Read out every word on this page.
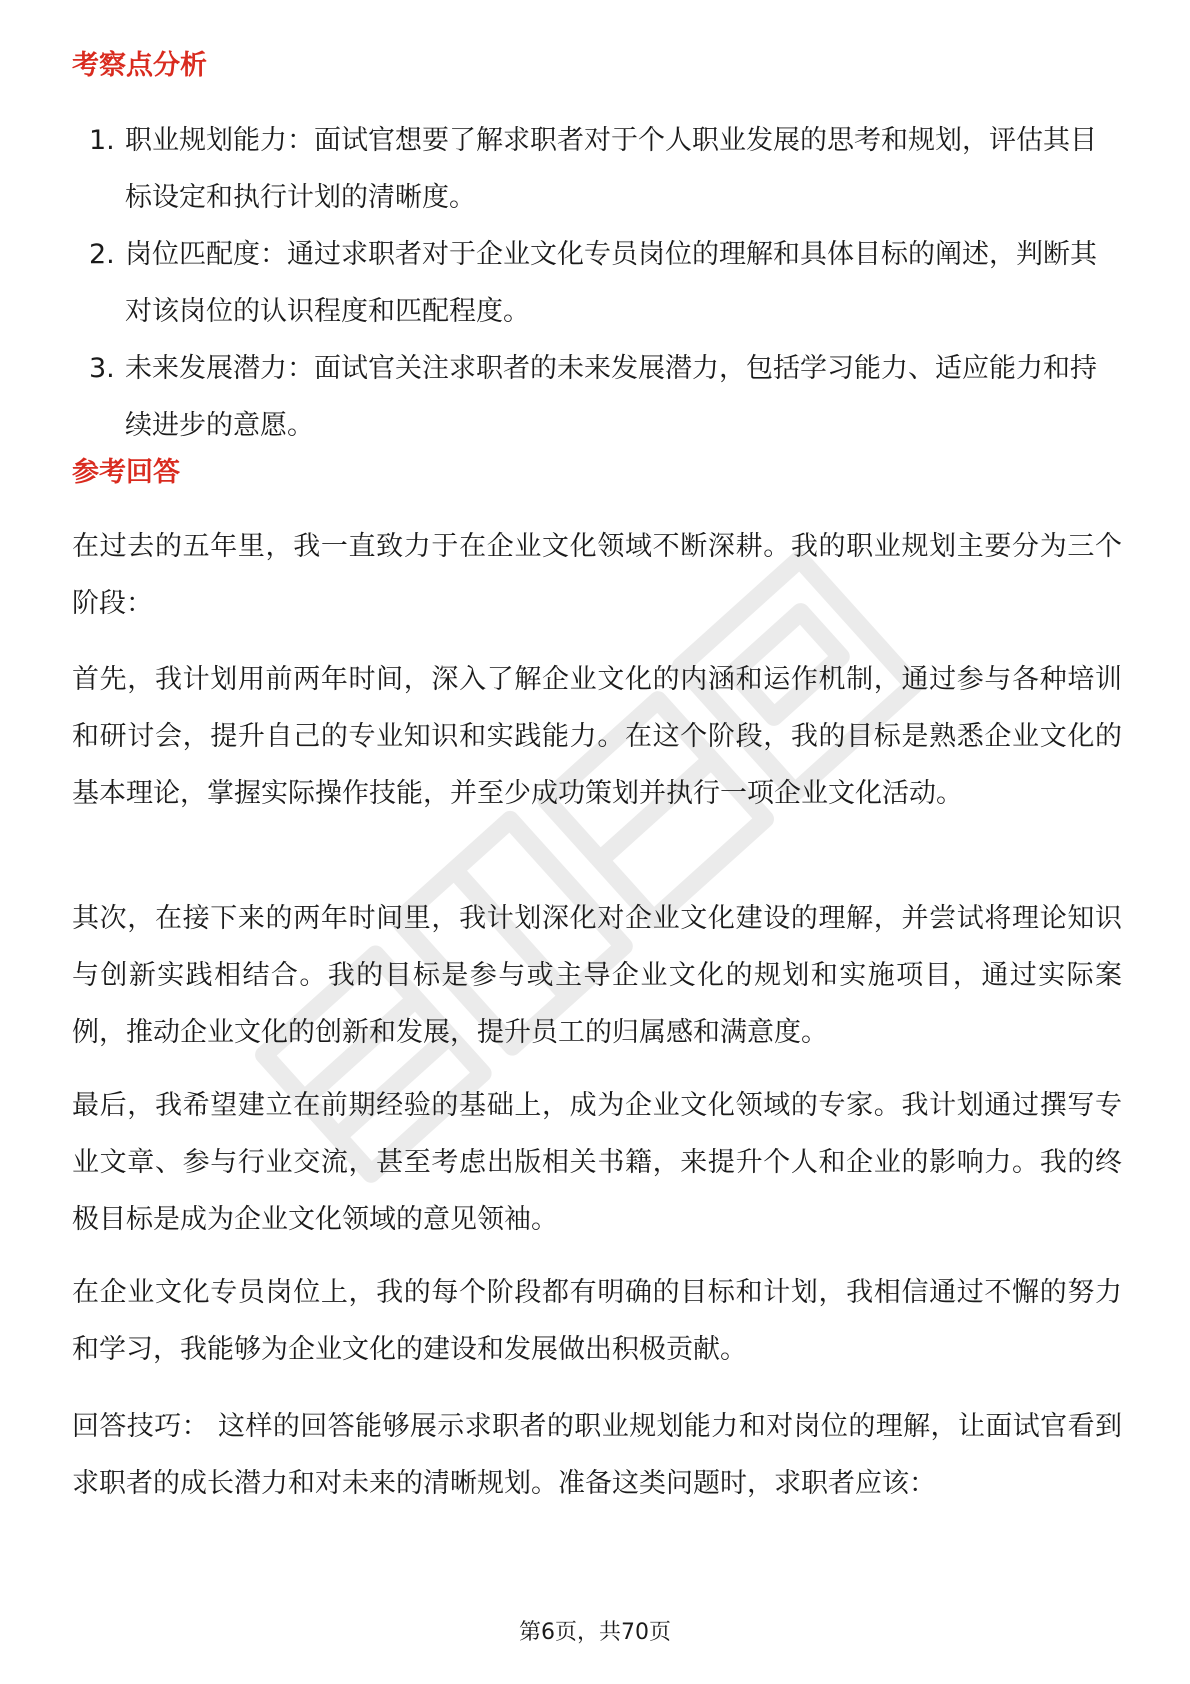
考察点分析
1. 职业规划能力：面试官想要了解求职者对于个人职业发展的思考和规划，评估其目标设定和执行计划的清晰度。
2. 岗位匹配度：通过求职者对于企业文化专员岗位的理解和具体目标的阐述，判断其对该岗位的认识程度和匹配程度。
3. 未来发展潜力：面试官关注求职者的未来发展潜力，包括学习能力、适应能力和持续进步的意愿。
参考回答

在过去的五年里，我一直致力于在企业文化领域不断深耕。我的职业规划主要分为三个阶段：

首先，我计划用前两年时间，深入了解企业文化的内涵和运作机制，通过参与各种培训和研讨会，提升自己的专业知识和实践能力。在这个阶段，我的目标是熟悉企业文化的基本理论，掌握实际操作技能，并至少成功策划并执行一项企业文化活动。

其次，在接下来的两年时间里，我计划深化对企业文化建设的理解，并尝试将理论知识与创新实践相结合。我的目标是参与或主导企业文化的规划和实施项目，通过实际案例，推动企业文化的创新和发展，提升员工的归属感和满意度。

最后，我希望建立在前期经验的基础上，成为企业文化领域的专家。我计划通过撰写专业文章、参与行业交流，甚至考虑出版相关书籍，来提升个人和企业的影响力。我的终极目标是成为企业文化领域的意见领袖。

在企业文化专员岗位上，我的每个阶段都有明确的目标和计划，我相信通过不懈的努力和学习，我能够为企业文化的建设和发展做出积极贡献。

回答技巧： 这样的回答能够展示求职者的职业规划能力和对岗位的理解，让面试官看到求职者的成长潜力和对未来的清晰规划。准备这类问题时，求职者应该：

第6页，共70页
